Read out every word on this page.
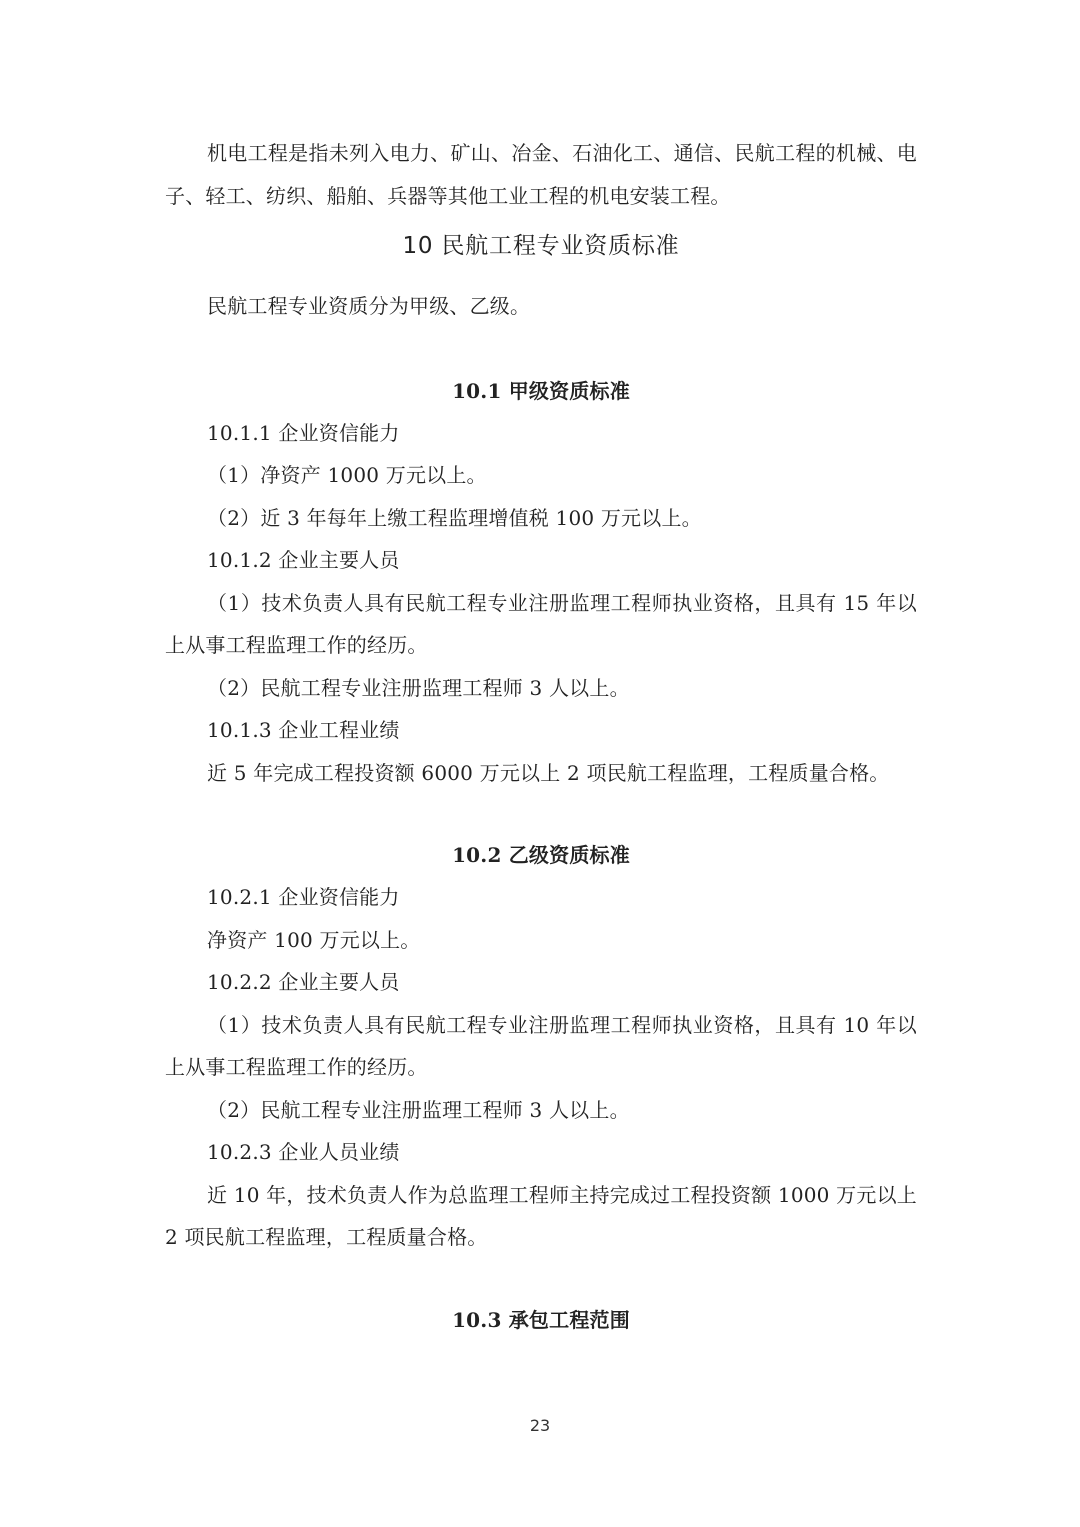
机电工程是指未列入电力、矿山、冶金、石油化工、通信、民航工程的机械、电子、轻工、纺织、船舶、兵器等其他工业工程的机电安装工程。

10 民航工程专业资质标准

民航工程专业资质分为甲级、乙级。

10.1 甲级资质标准

10.1.1 企业资信能力

（1）净资产 1000 万元以上。

（2）近 3 年每年上缴工程监理增值税 100 万元以上。

10.1.2 企业主要人员

（1）技术负责人具有民航工程专业注册监理工程师执业资格，且具有 15 年以上从事工程监理工作的经历。

（2）民航工程专业注册监理工程师 3 人以上。

10.1.3 企业工程业绩

近 5 年完成工程投资额 6000 万元以上 2 项民航工程监理，工程质量合格。

10.2 乙级资质标准

10.2.1 企业资信能力

净资产 100 万元以上。

10.2.2 企业主要人员

（1）技术负责人具有民航工程专业注册监理工程师执业资格，且具有 10 年以上从事工程监理工作的经历。

（2）民航工程专业注册监理工程师 3 人以上。

10.2.3 企业人员业绩

近 10 年，技术负责人作为总监理工程师主持完成过工程投资额 1000 万元以上 2 项民航工程监理，工程质量合格。

10.3 承包工程范围
23
